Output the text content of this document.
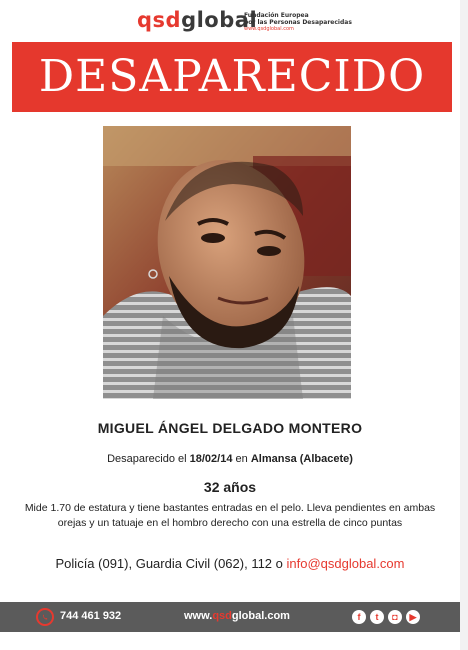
qsdglobal
Fundación Europea
por las Personas Desaparecidas
www.qsdglobal.com
DESAPARECIDO
MIGUEL ÁNGEL DELGADO MONTERO
Desaparecido el 18/02/14 en Almansa (Albacete)
32 años
Mide 1.70 de estatura y tiene bastantes entradas en el pelo. Lleva pendientes en ambas orejas y un tatuaje en el hombro derecho con una estrella de cinco puntas
Policía (091), Guardia Civil (062), 112 o info@qsdglobal.com
744 461 932	www.qsdglobal.com	f	t	◘	▶
